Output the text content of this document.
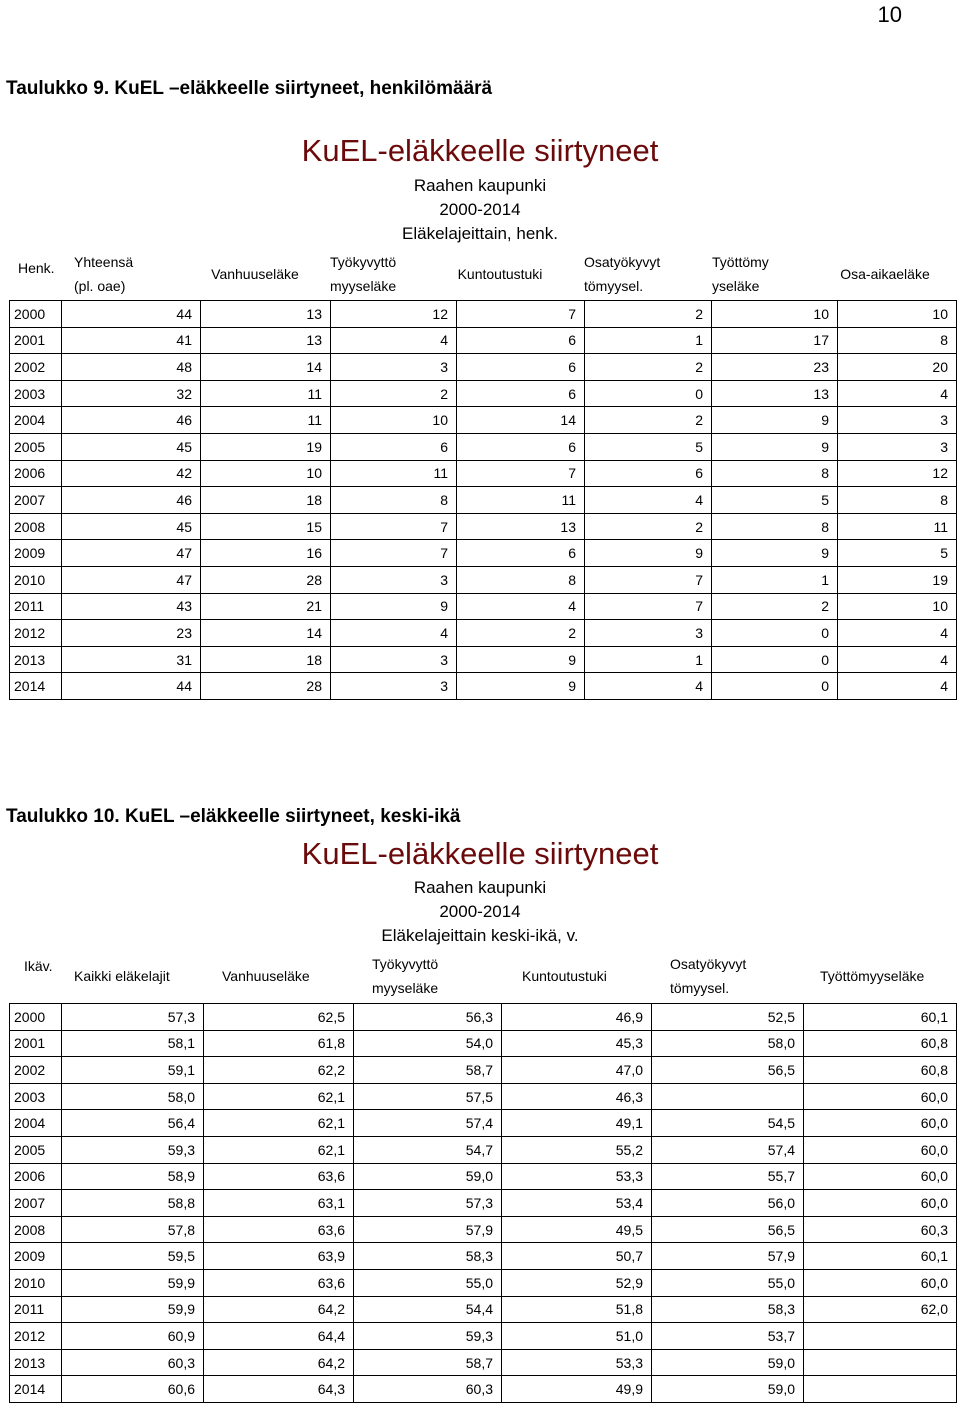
10
Taulukko 9. KuEL –eläkkeelle siirtyneet, henkilömäärä
KuEL-eläkkeelle siirtyneet
Raahen kaupunki
2000-2014
Eläkelajeittain, henk.
Henk. Yhteensä
(pl. oae)
Vanhuuseläke
Työkyvyttö
myyseläke
Kuntoutustuki
Osatyökyvyt
tömyysel.
Työttömy
yseläke
Osa-aikaeläke
2000	44	13	12	7	2	10	10
2001	41	13	4	6	1	17	8
2002	48	14	3	6	2	23	20
2003	32	11	2	6	0	13	4
2004	46	11	10	14	2	9	3
2005	45	19	6	6	5	9	3
2006	42	10	11	7	6	8	12
2007	46	18	8	11	4	5	8
2008	45	15	7	13	2	8	11
2009	47	16	7	6	9	9	5
2010	47	28	3	8	7	1	19
2011	43	21	9	4	7	2	10
2012	23	14	4	2	3	0	4
2013	31	18	3	9	1	0	4
2014	44	28	3	9	4	0	4
Taulukko 10. KuEL –eläkkeelle siirtyneet, keski-ikä
KuEL-eläkkeelle siirtyneet
Raahen kaupunki
2000-2014
Eläkelajeittain keski-ikä, v.
Ikäv.
Kaikki eläkelajit	Vanhuuseläke
Työkyvyttö
myyseläke
Kuntoutustuki
Osatyökyvyt
tömyysel.
Työttömyyseläke
2000	57,3	62,5	56,3	46,9	52,5	60,1
2001	58,1	61,8	54,0	45,3	58,0	60,8
2002	59,1	62,2	58,7	47,0	56,5	60,8
2003	58,0	62,1	57,5	46,3		60,0
2004	56,4	62,1	57,4	49,1	54,5	60,0
2005	59,3	62,1	54,7	55,2	57,4	60,0
2006	58,9	63,6	59,0	53,3	55,7	60,0
2007	58,8	63,1	57,3	53,4	56,0	60,0
2008	57,8	63,6	57,9	49,5	56,5	60,3
2009	59,5	63,9	58,3	50,7	57,9	60,1
2010	59,9	63,6	55,0	52,9	55,0	60,0
2011	59,9	64,2	54,4	51,8	58,3	62,0
2012	60,9	64,4	59,3	51,0	53,7	
2013	60,3	64,2	58,7	53,3	59,0	
2014	60,6	64,3	60,3	49,9	59,0	
